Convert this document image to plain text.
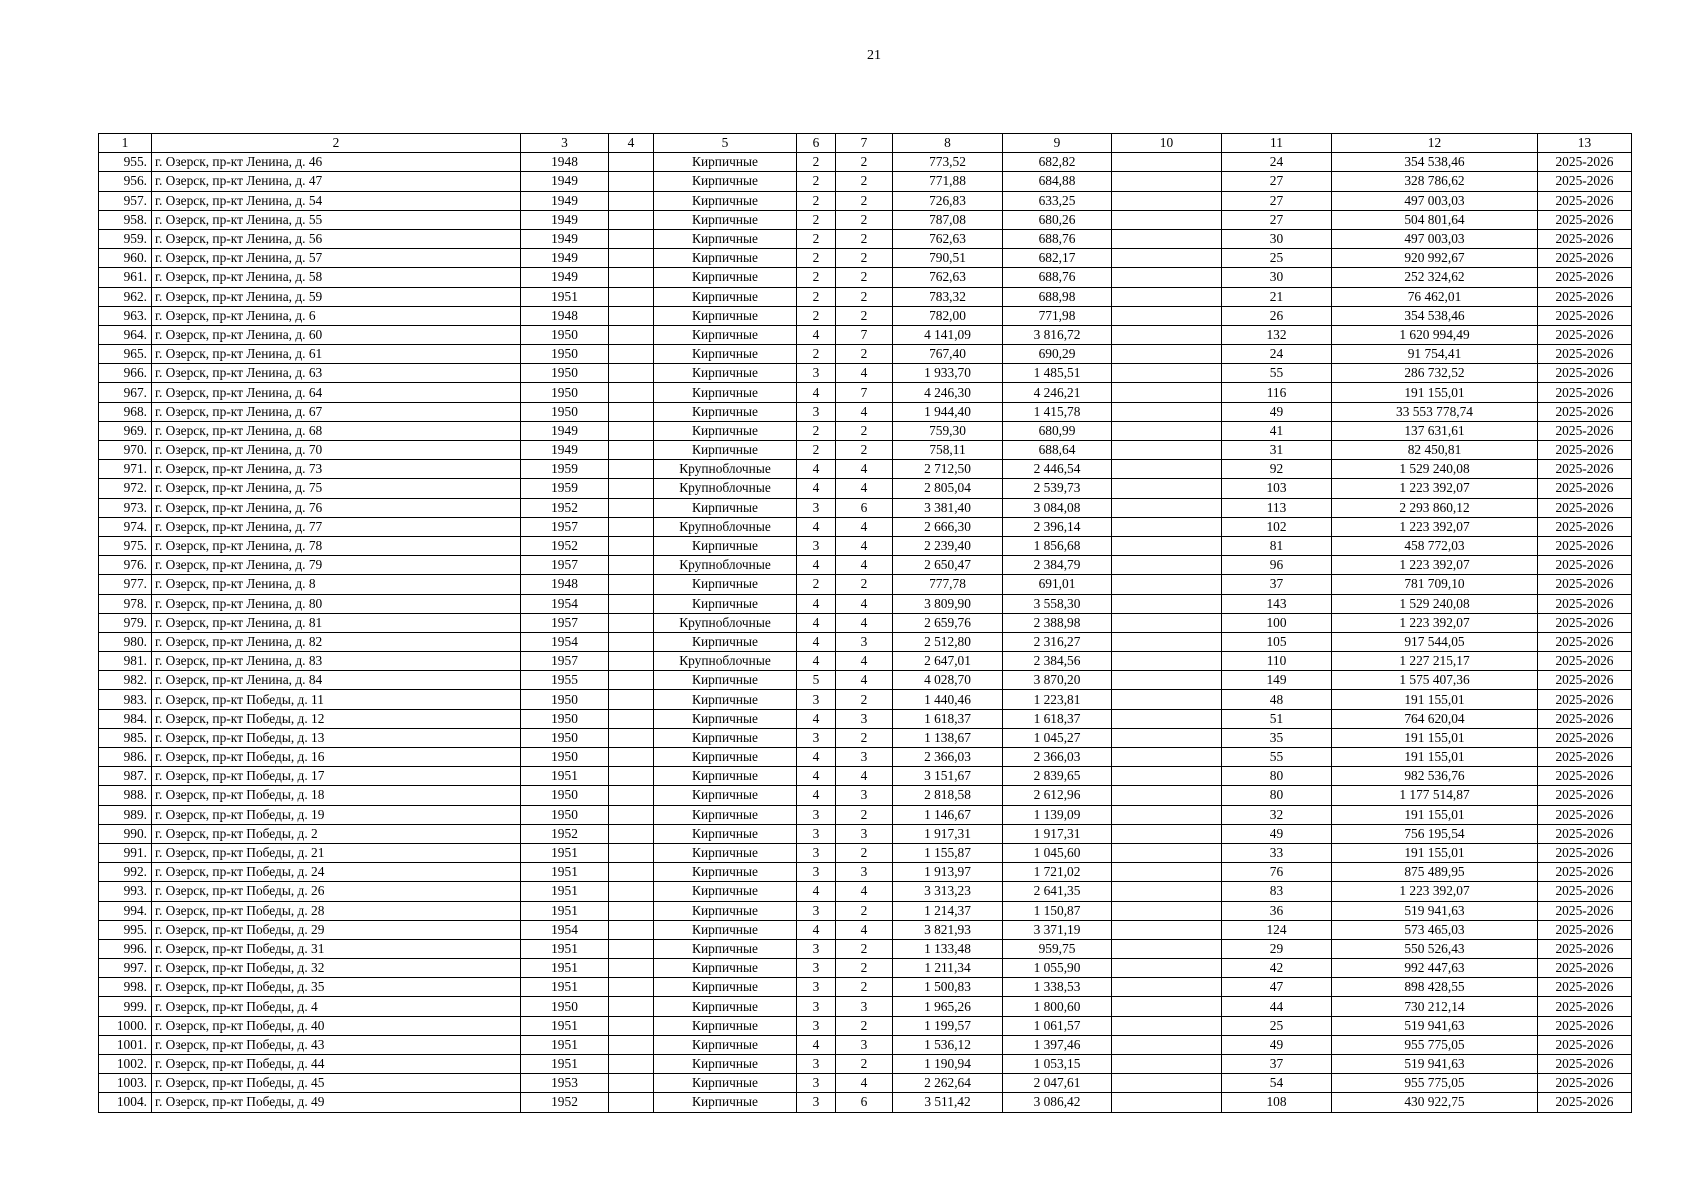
21
1	2	3	4	5	6	7	8	9	10	11	12	13
955.	г. Озерск, пр-кт Ленина, д. 46	1948		Кирпичные	2	2	773,52	682,82		24	354 538,46	2025-2026
956.	г. Озерск, пр-кт Ленина, д. 47	1949		Кирпичные	2	2	771,88	684,88		27	328 786,62	2025-2026
957.	г. Озерск, пр-кт Ленина, д. 54	1949		Кирпичные	2	2	726,83	633,25		27	497 003,03	2025-2026
958.	г. Озерск, пр-кт Ленина, д. 55	1949		Кирпичные	2	2	787,08	680,26		27	504 801,64	2025-2026
959.	г. Озерск, пр-кт Ленина, д. 56	1949		Кирпичные	2	2	762,63	688,76		30	497 003,03	2025-2026
960.	г. Озерск, пр-кт Ленина, д. 57	1949		Кирпичные	2	2	790,51	682,17		25	920 992,67	2025-2026
961.	г. Озерск, пр-кт Ленина, д. 58	1949		Кирпичные	2	2	762,63	688,76		30	252 324,62	2025-2026
962.	г. Озерск, пр-кт Ленина, д. 59	1951		Кирпичные	2	2	783,32	688,98		21	76 462,01	2025-2026
963.	г. Озерск, пр-кт Ленина, д. 6	1948		Кирпичные	2	2	782,00	771,98		26	354 538,46	2025-2026
964.	г. Озерск, пр-кт Ленина, д. 60	1950		Кирпичные	4	7	4 141,09	3 816,72		132	1 620 994,49	2025-2026
965.	г. Озерск, пр-кт Ленина, д. 61	1950		Кирпичные	2	2	767,40	690,29		24	91 754,41	2025-2026
966.	г. Озерск, пр-кт Ленина, д. 63	1950		Кирпичные	3	4	1 933,70	1 485,51		55	286 732,52	2025-2026
967.	г. Озерск, пр-кт Ленина, д. 64	1950		Кирпичные	4	7	4 246,30	4 246,21		116	191 155,01	2025-2026
968.	г. Озерск, пр-кт Ленина, д. 67	1950		Кирпичные	3	4	1 944,40	1 415,78		49	33 553 778,74	2025-2026
969.	г. Озерск, пр-кт Ленина, д. 68	1949		Кирпичные	2	2	759,30	680,99		41	137 631,61	2025-2026
970.	г. Озерск, пр-кт Ленина, д. 70	1949		Кирпичные	2	2	758,11	688,64		31	82 450,81	2025-2026
971.	г. Озерск, пр-кт Ленина, д. 73	1959		Крупноблочные	4	4	2 712,50	2 446,54		92	1 529 240,08	2025-2026
972.	г. Озерск, пр-кт Ленина, д. 75	1959		Крупноблочные	4	4	2 805,04	2 539,73		103	1 223 392,07	2025-2026
973.	г. Озерск, пр-кт Ленина, д. 76	1952		Кирпичные	3	6	3 381,40	3 084,08		113	2 293 860,12	2025-2026
974.	г. Озерск, пр-кт Ленина, д. 77	1957		Крупноблочные	4	4	2 666,30	2 396,14		102	1 223 392,07	2025-2026
975.	г. Озерск, пр-кт Ленина, д. 78	1952		Кирпичные	3	4	2 239,40	1 856,68		81	458 772,03	2025-2026
976.	г. Озерск, пр-кт Ленина, д. 79	1957		Крупноблочные	4	4	2 650,47	2 384,79		96	1 223 392,07	2025-2026
977.	г. Озерск, пр-кт Ленина, д. 8	1948		Кирпичные	2	2	777,78	691,01		37	781 709,10	2025-2026
978.	г. Озерск, пр-кт Ленина, д. 80	1954		Кирпичные	4	4	3 809,90	3 558,30		143	1 529 240,08	2025-2026
979.	г. Озерск, пр-кт Ленина, д. 81	1957		Крупноблочные	4	4	2 659,76	2 388,98		100	1 223 392,07	2025-2026
980.	г. Озерск, пр-кт Ленина, д. 82	1954		Кирпичные	4	3	2 512,80	2 316,27		105	917 544,05	2025-2026
981.	г. Озерск, пр-кт Ленина, д. 83	1957		Крупноблочные	4	4	2 647,01	2 384,56		110	1 227 215,17	2025-2026
982.	г. Озерск, пр-кт Ленина, д. 84	1955		Кирпичные	5	4	4 028,70	3 870,20		149	1 575 407,36	2025-2026
983.	г. Озерск, пр-кт Победы, д. 11	1950		Кирпичные	3	2	1 440,46	1 223,81		48	191 155,01	2025-2026
984.	г. Озерск, пр-кт Победы, д. 12	1950		Кирпичные	4	3	1 618,37	1 618,37		51	764 620,04	2025-2026
985.	г. Озерск, пр-кт Победы, д. 13	1950		Кирпичные	3	2	1 138,67	1 045,27		35	191 155,01	2025-2026
986.	г. Озерск, пр-кт Победы, д. 16	1950		Кирпичные	4	3	2 366,03	2 366,03		55	191 155,01	2025-2026
987.	г. Озерск, пр-кт Победы, д. 17	1951		Кирпичные	4	4	3 151,67	2 839,65		80	982 536,76	2025-2026
988.	г. Озерск, пр-кт Победы, д. 18	1950		Кирпичные	4	3	2 818,58	2 612,96		80	1 177 514,87	2025-2026
989.	г. Озерск, пр-кт Победы, д. 19	1950		Кирпичные	3	2	1 146,67	1 139,09		32	191 155,01	2025-2026
990.	г. Озерск, пр-кт Победы, д. 2	1952		Кирпичные	3	3	1 917,31	1 917,31		49	756 195,54	2025-2026
991.	г. Озерск, пр-кт Победы, д. 21	1951		Кирпичные	3	2	1 155,87	1 045,60		33	191 155,01	2025-2026
992.	г. Озерск, пр-кт Победы, д. 24	1951		Кирпичные	3	3	1 913,97	1 721,02		76	875 489,95	2025-2026
993.	г. Озерск, пр-кт Победы, д. 26	1951		Кирпичные	4	4	3 313,23	2 641,35		83	1 223 392,07	2025-2026
994.	г. Озерск, пр-кт Победы, д. 28	1951		Кирпичные	3	2	1 214,37	1 150,87		36	519 941,63	2025-2026
995.	г. Озерск, пр-кт Победы, д. 29	1954		Кирпичные	4	4	3 821,93	3 371,19		124	573 465,03	2025-2026
996.	г. Озерск, пр-кт Победы, д. 31	1951		Кирпичные	3	2	1 133,48	959,75		29	550 526,43	2025-2026
997.	г. Озерск, пр-кт Победы, д. 32	1951		Кирпичные	3	2	1 211,34	1 055,90		42	992 447,63	2025-2026
998.	г. Озерск, пр-кт Победы, д. 35	1951		Кирпичные	3	2	1 500,83	1 338,53		47	898 428,55	2025-2026
999.	г. Озерск, пр-кт Победы, д. 4	1950		Кирпичные	3	3	1 965,26	1 800,60		44	730 212,14	2025-2026
1000.	г. Озерск, пр-кт Победы, д. 40	1951		Кирпичные	3	2	1 199,57	1 061,57		25	519 941,63	2025-2026
1001.	г. Озерск, пр-кт Победы, д. 43	1951		Кирпичные	4	3	1 536,12	1 397,46		49	955 775,05	2025-2026
1002.	г. Озерск, пр-кт Победы, д. 44	1951		Кирпичные	3	2	1 190,94	1 053,15		37	519 941,63	2025-2026
1003.	г. Озерск, пр-кт Победы, д. 45	1953		Кирпичные	3	4	2 262,64	2 047,61		54	955 775,05	2025-2026
1004.	г. Озерск, пр-кт Победы, д. 49	1952		Кирпичные	3	6	3 511,42	3 086,42		108	430 922,75	2025-2026
